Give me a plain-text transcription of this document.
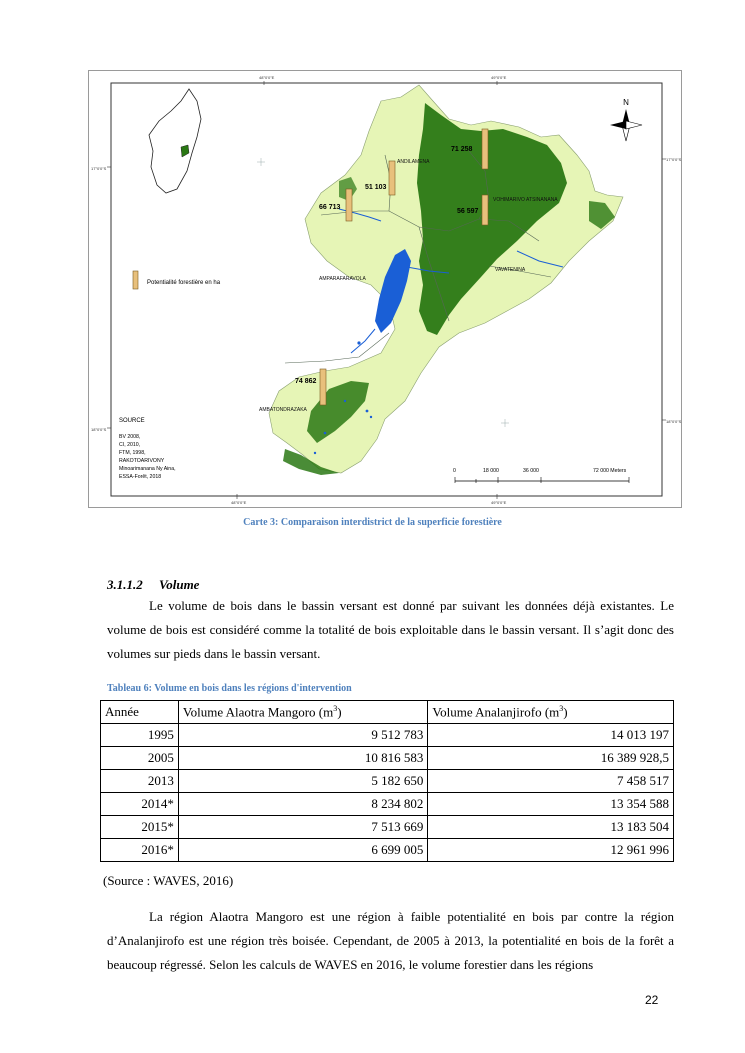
48°0'0"E	49°0'0"E
48°0'0"E	49°0'0"E
17°0'0"S
17°0'0"S
18°0'0"S
18°0'0"S
N
ANDILAMENA
VOHIMARIVO ATSINANANA
AMPARAFARAVOLA
VAVATENINA
AMBATONDRAZAKA
71 258
51 103
66 713
56 597
74 862
Potentialité forestière en ha
SOURCE
BV 2008,
CI, 2010,
FTM, 1998,
RAKOTOARIVONY
Minoarimanana Ny Aina,
ESSA-Forêt, 2018
0	18 000	36 000	72 000 Meters
Carte 3: Comparaison interdistrict de la superficie forestière
3.1.1.2 Volume
Le volume de bois dans le bassin versant est donné par suivant les données déjà existantes. Le volume de bois est considéré comme la totalité de bois exploitable dans le bassin versant. Il s’agit donc des volumes sur pieds dans le bassin versant.
Tableau 6: Volume en bois dans les régions d'intervention
Année	Volume Alaotra Mangoro $(m^3)$	Volume Analanjirofo $(m^3)$
1995	9 512 783	14 013 197
2005	10 816 583	16 389 928,5
2013	5 182 650	7 458 517
2014*	8 234 802	13 354 588
2015*	7 513 669	13 183 504
2016*	6 699 005	12 961 996
(Source : WAVES, 2016)
La région Alaotra Mangoro est une région à faible potentialité en bois par contre la région d’Analanjirofo est une région très boisée. Cependant, de 2005 à 2013, la potentialité en bois de la forêt a beaucoup régressé. Selon les calculs de WAVES en 2016, le volume forestier dans les régions
22
